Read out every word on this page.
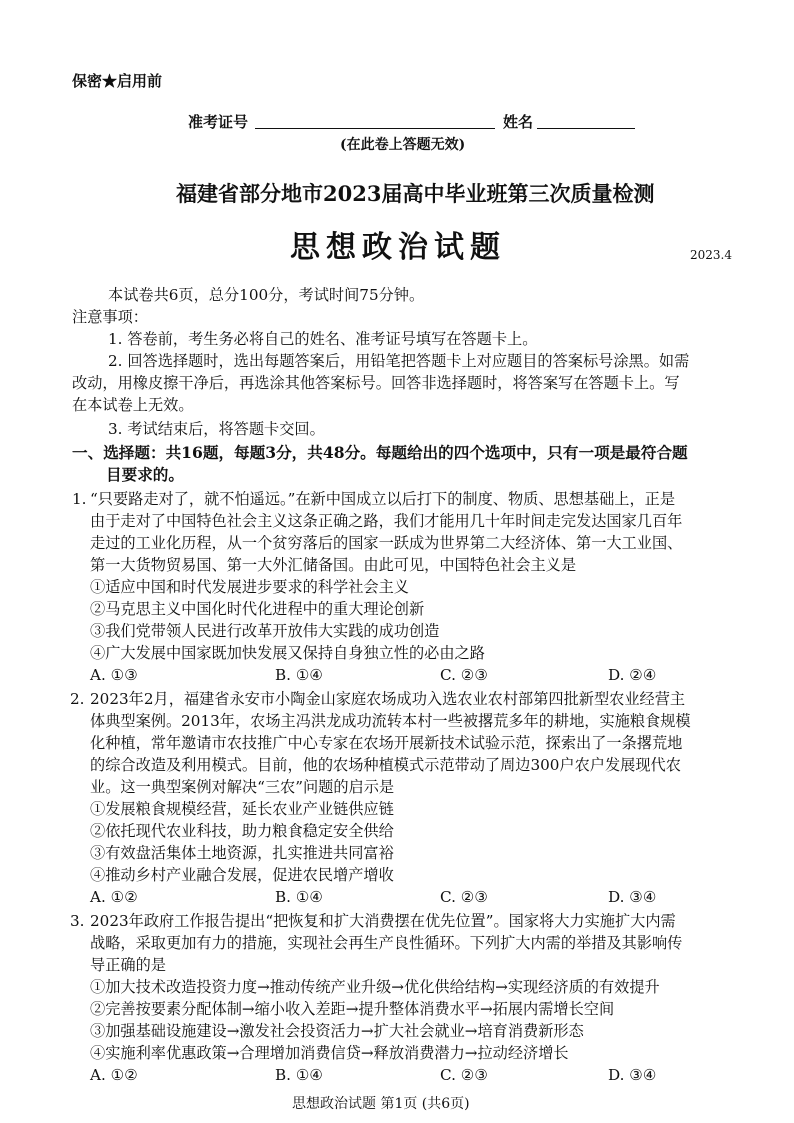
保密★启用前
准考证号	姓名
(在此卷上答题无效)
福建省部分地市2023届高中毕业班第三次质量检测
思想政治试题	2023.4
本试卷共6页，总分100分，考试时间75分钟。
注意事项：
1. 答卷前，考生务必将自己的姓名、准考证号填写在答题卡上。
2. 回答选择题时，选出每题答案后，用铅笔把答题卡上对应题目的答案标号涂黑。如需
改动，用橡皮擦干净后，再选涂其他答案标号。回答非选择题时，将答案写在答题卡上。写
在本试卷上无效。
3. 考试结束后，将答题卡交回。
一、选择题：共16题，每题3分，共48分。每题给出的四个选项中，只有一项是最符合题
目要求的。
1. “只要路走对了，就不怕遥远。”在新中国成立以后打下的制度、物质、思想基础上，正是
由于走对了中国特色社会主义这条正确之路，我们才能用几十年时间走完发达国家几百年
走过的工业化历程，从一个贫穷落后的国家一跃成为世界第二大经济体、第一大工业国、
第一大货物贸易国、第一大外汇储备国。由此可见，中国特色社会主义是
①适应中国和时代发展进步要求的科学社会主义
②马克思主义中国化时代化进程中的重大理论创新
③我们党带领人民进行改革开放伟大实践的成功创造
④广大发展中国家既加快发展又保持自身独立性的必由之路
A. ①③	B. ①④	C. ②③	D. ②④
2. 2023年2月，福建省永安市小陶金山家庭农场成功入选农业农村部第四批新型农业经营主
体典型案例。2013年，农场主冯洪龙成功流转本村一些被撂荒多年的耕地，实施粮食规模
化种植，常年邀请市农技推广中心专家在农场开展新技术试验示范，探索出了一条撂荒地
的综合改造及利用模式。目前，他的农场种植模式示范带动了周边300户农户发展现代农
业。这一典型案例对解决“三农”问题的启示是
①发展粮食规模经营，延长农业产业链供应链
②依托现代农业科技，助力粮食稳定安全供给
③有效盘活集体土地资源，扎实推进共同富裕
④推动乡村产业融合发展，促进农民增产增收
A. ①②	B. ①④	C. ②③	D. ③④
3. 2023年政府工作报告提出“把恢复和扩大消费摆在优先位置”。国家将大力实施扩大内需
战略，采取更加有力的措施，实现社会再生产良性循环。下列扩大内需的举措及其影响传
导正确的是
①加大技术改造投资力度→推动传统产业升级→优化供给结构→实现经济质的有效提升
②完善按要素分配体制→缩小收入差距→提升整体消费水平→拓展内需增长空间
③加强基础设施建设→激发社会投资活力→扩大社会就业→培育消费新形态
④实施利率优惠政策→合理增加消费信贷→释放消费潜力→拉动经济增长
A. ①②	B. ①④	C. ②③	D. ③④
思想政治试题 第1页 (共6页)
